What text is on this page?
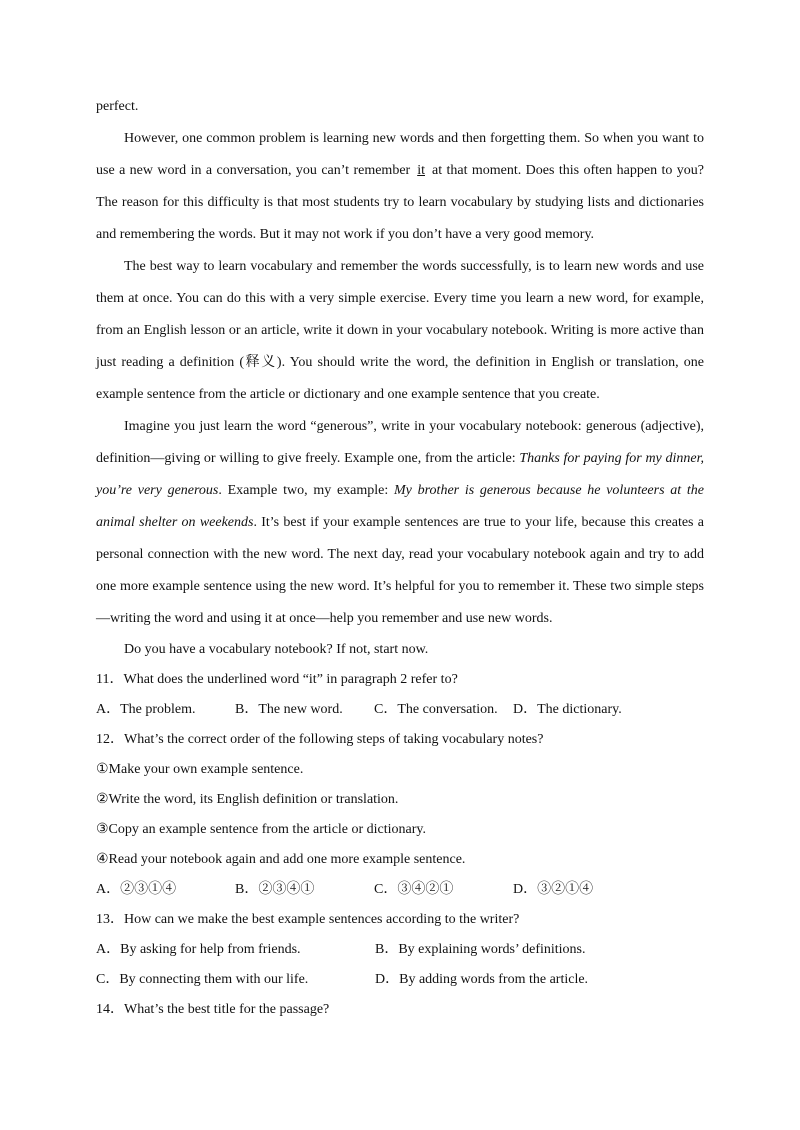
perfect.

However, one common problem is learning new words and then forgetting them. So when you want to use a new word in a conversation, you can’t remember it at that moment. Does this often happen to you? The reason for this difficulty is that most students try to learn vocabulary by studying lists and dictionaries and remembering the words. But it may not work if you don’t have a very good memory.

The best way to learn vocabulary and remember the words successfully, is to learn new words and use them at once. You can do this with a very simple exercise. Every time you learn a new word, for example, from an English lesson or an article, write it down in your vocabulary notebook. Writing is more active than just reading a definition (释义). You should write the word, the definition in English or translation, one example sentence from the article or dictionary and one example sentence that you create.

Imagine you just learn the word “generous”, write in your vocabulary notebook: generous (adjective), definition—giving or willing to give freely. Example one, from the article: Thanks for paying for my dinner, you’re very generous. Example two, my example: My brother is generous because he volunteers at the animal shelter on weekends. It’s best if your example sentences are true to your life, because this creates a personal connection with the new word. The next day, read your vocabulary notebook again and try to add one more example sentence using the new word. It’s helpful for you to remember it. These two simple steps —writing the word and using it at once—help you remember and use new words.

Do you have a vocabulary notebook? If not, start now.

11．What does the underlined word “it” in paragraph 2 refer to?

A．The problem.	B．The new word.	C．The conversation.	D．The dictionary.

12．What’s the correct order of the following steps of taking vocabulary notes?

①Make your own example sentence.

②Write the word, its English definition or translation.

③Copy an example sentence from the article or dictionary.

④Read your notebook again and add one more example sentence.

A．②③①④	B．②③④①	C．③④②①	D．③②①④

13．How can we make the best example sentences according to the writer?

A．By asking for help from friends.	B．By explaining words’ definitions.
C．By connecting them with our life.	D．By adding words from the article.

14．What’s the best title for the passage?
